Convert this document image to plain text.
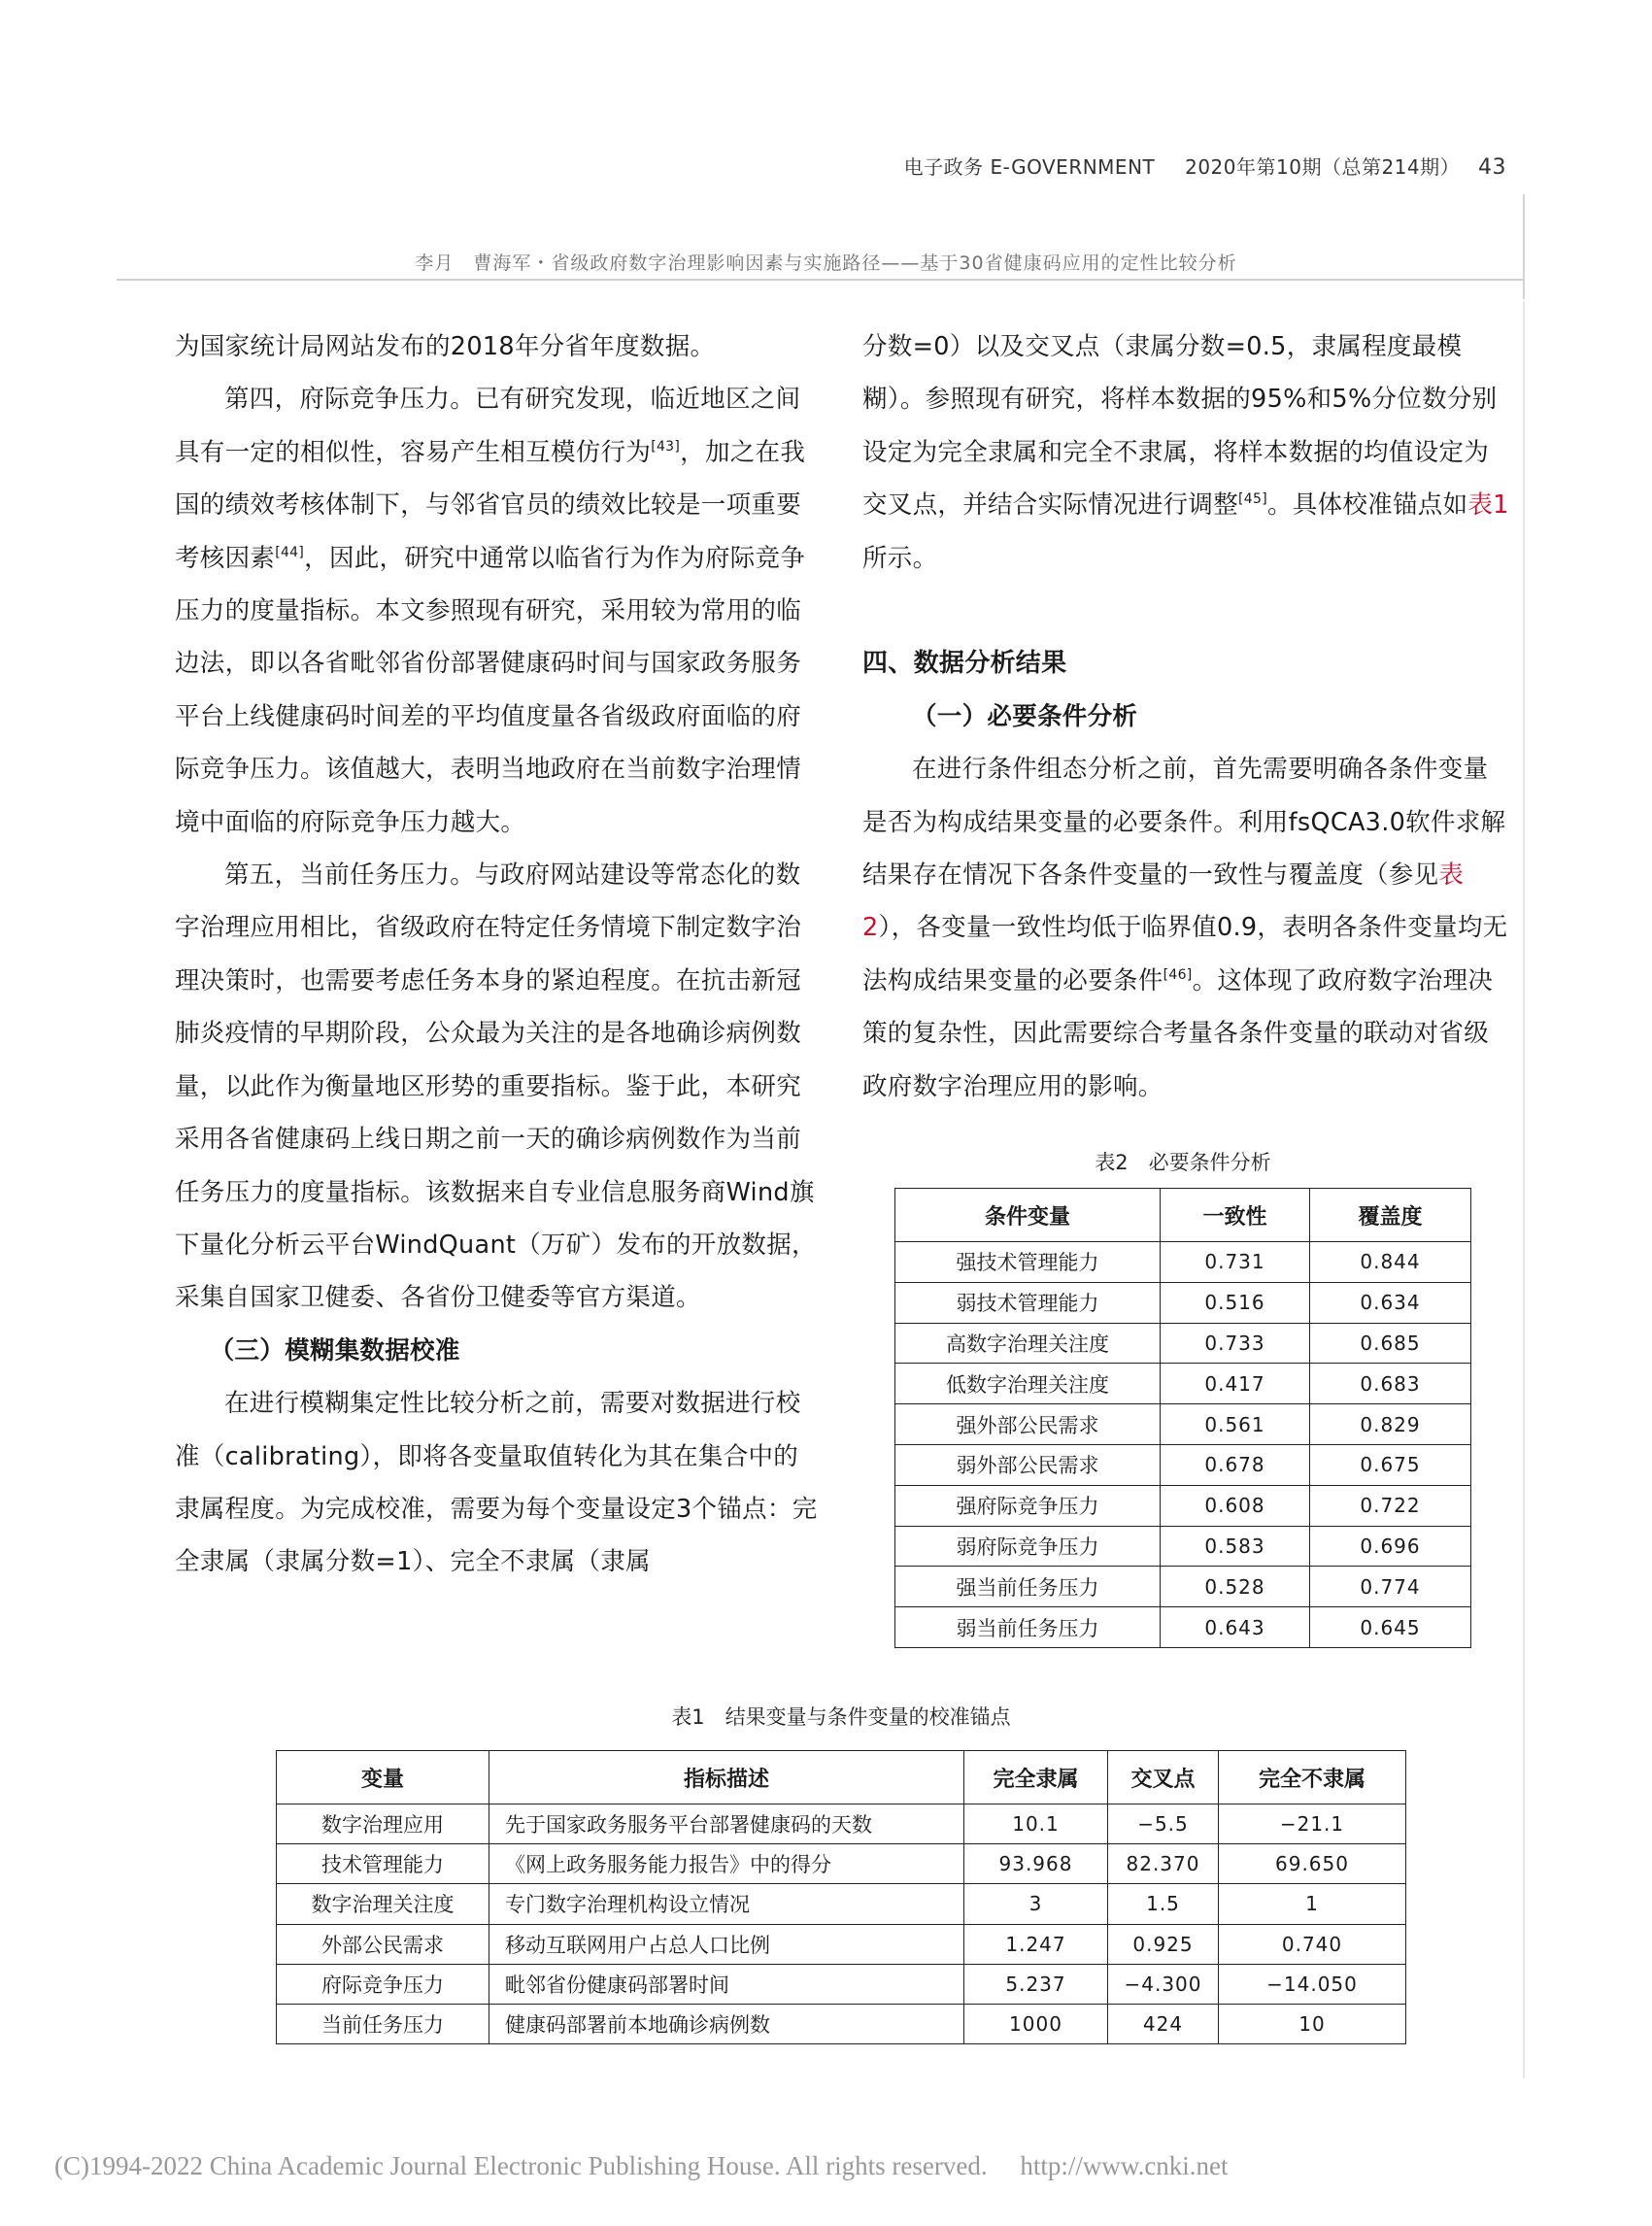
电子政务 E-GOVERNMENT 2020年第10期（总第214期） 43
李月　曹海军・省级政府数字治理影响因素与实施路径——基于30省健康码应用的定性比较分析

为国家统计局网站发布的2018年分省年度数据。

第四，府际竞争压力。已有研究发现，临近地区之间具有一定的相似性，容易产生相互模仿行为[43]，加之在我国的绩效考核体制下，与邻省官员的绩效比较是一项重要考核因素[44]，因此，研究中通常以临省行为作为府际竞争压力的度量指标。本文参照现有研究，采用较为常用的临边法，即以各省毗邻省份部署健康码时间与国家政务服务平台上线健康码时间差的平均值度量各省级政府面临的府际竞争压力。该值越大，表明当地政府在当前数字治理情境中面临的府际竞争压力越大。

第五，当前任务压力。与政府网站建设等常态化的数字治理应用相比，省级政府在特定任务情境下制定数字治理决策时，也需要考虑任务本身的紧迫程度。在抗击新冠肺炎疫情的早期阶段，公众最为关注的是各地确诊病例数量，以此作为衡量地区形势的重要指标。鉴于此，本研究采用各省健康码上线日期之前一天的确诊病例数作为当前任务压力的度量指标。该数据来自专业信息服务商Wind旗下量化分析云平台WindQuant（万矿）发布的开放数据，采集自国家卫健委、各省份卫健委等官方渠道。

（三）模糊集数据校准

在进行模糊集定性比较分析之前，需要对数据进行校准（calibrating），即将各变量取值转化为其在集合中的隶属程度。为完成校准，需要为每个变量设定3个锚点：完全隶属（隶属分数=1）、完全不隶属（隶属

分数=0）以及交叉点（隶属分数=0.5，隶属程度最模糊）。参照现有研究，将样本数据的95%和5%分位数分别设定为完全隶属和完全不隶属，将样本数据的均值设定为交叉点，并结合实际情况进行调整[45]。具体校准锚点如表1所示。

四、数据分析结果

（一）必要条件分析

在进行条件组态分析之前，首先需要明确各条件变量是否为构成结果变量的必要条件。利用fsQCA3.0软件求解结果存在情况下各条件变量的一致性与覆盖度（参见表2），各变量一致性均低于临界值0.9，表明各条件变量均无法构成结果变量的必要条件[46]。这体现了政府数字治理决策的复杂性，因此需要综合考量各条件变量的联动对省级政府数字治理应用的影响。

表2　必要条件分析
条件变量	一致性	覆盖度
强技术管理能力	0.731	0.844
弱技术管理能力	0.516	0.634
高数字治理关注度	0.733	0.685
低数字治理关注度	0.417	0.683
强外部公民需求	0.561	0.829
弱外部公民需求	0.678	0.675
强府际竞争压力	0.608	0.722
弱府际竞争压力	0.583	0.696
强当前任务压力	0.528	0.774
弱当前任务压力	0.643	0.645
表1　结果变量与条件变量的校准锚点
变量	指标描述	完全隶属	交叉点	完全不隶属
数字治理应用	先于国家政务服务平台部署健康码的天数	10.1	−5.5	−21.1
技术管理能力	《网上政务服务能力报告》中的得分	93.968	82.370	69.650
数字治理关注度	专门数字治理机构设立情况	3	1.5	1
外部公民需求	移动互联网用户占总人口比例	1.247	0.925	0.740
府际竞争压力	毗邻省份健康码部署时间	5.237	−4.300	−14.050
当前任务压力	健康码部署前本地确诊病例数	1000	424	10
(C)1994-2022 China Academic Journal Electronic Publishing House. All rights reserved.　 http://www.cnki.net
